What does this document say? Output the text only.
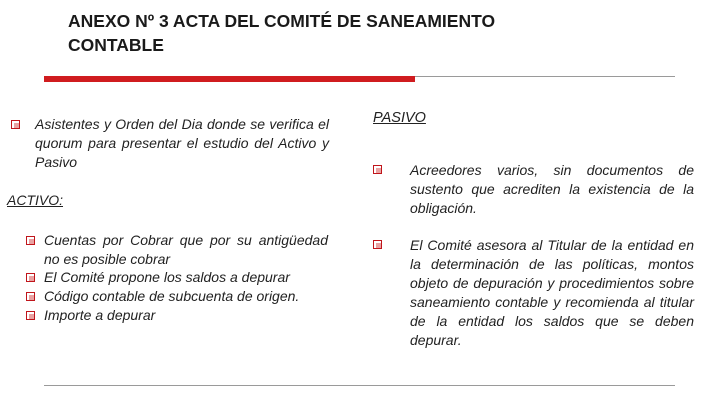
ANEXO Nº 3 ACTA DEL COMITÉ DE SANEAMIENTO
CONTABLE
Asistentes y Orden del Dia donde se verifica el quorum para presentar el estudio del Activo y Pasivo
ACTIVO:
Cuentas por Cobrar que por su antigüedad no es posible cobrar
El Comité propone los saldos a depurar
Código contable de subcuenta de origen.
Importe a depurar
PASIVO
Acreedores varios, sin documentos de sustento que acrediten la existencia de la obligación.
El Comité asesora al Titular de la entidad en la determinación de las políticas, montos objeto de depuración y procedimientos sobre saneamiento contable y recomienda al titular de la entidad los saldos que se deben depurar.
